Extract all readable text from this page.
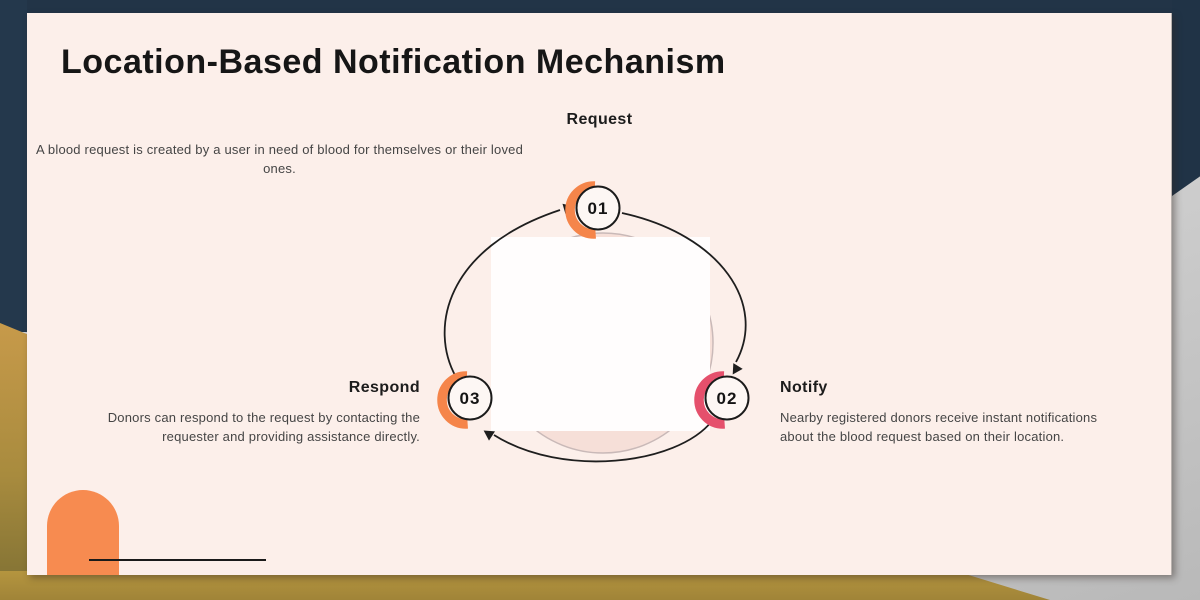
Location-Based Notification Mechanism
Request

A blood request is created by a user in need of blood for themselves or their loved ones.

Notify

Nearby registered donors receive instant notifications about the blood request based on their location.

Respond

Donors can respond to the request by contacting the requester and providing assistance directly.

01
02
03
